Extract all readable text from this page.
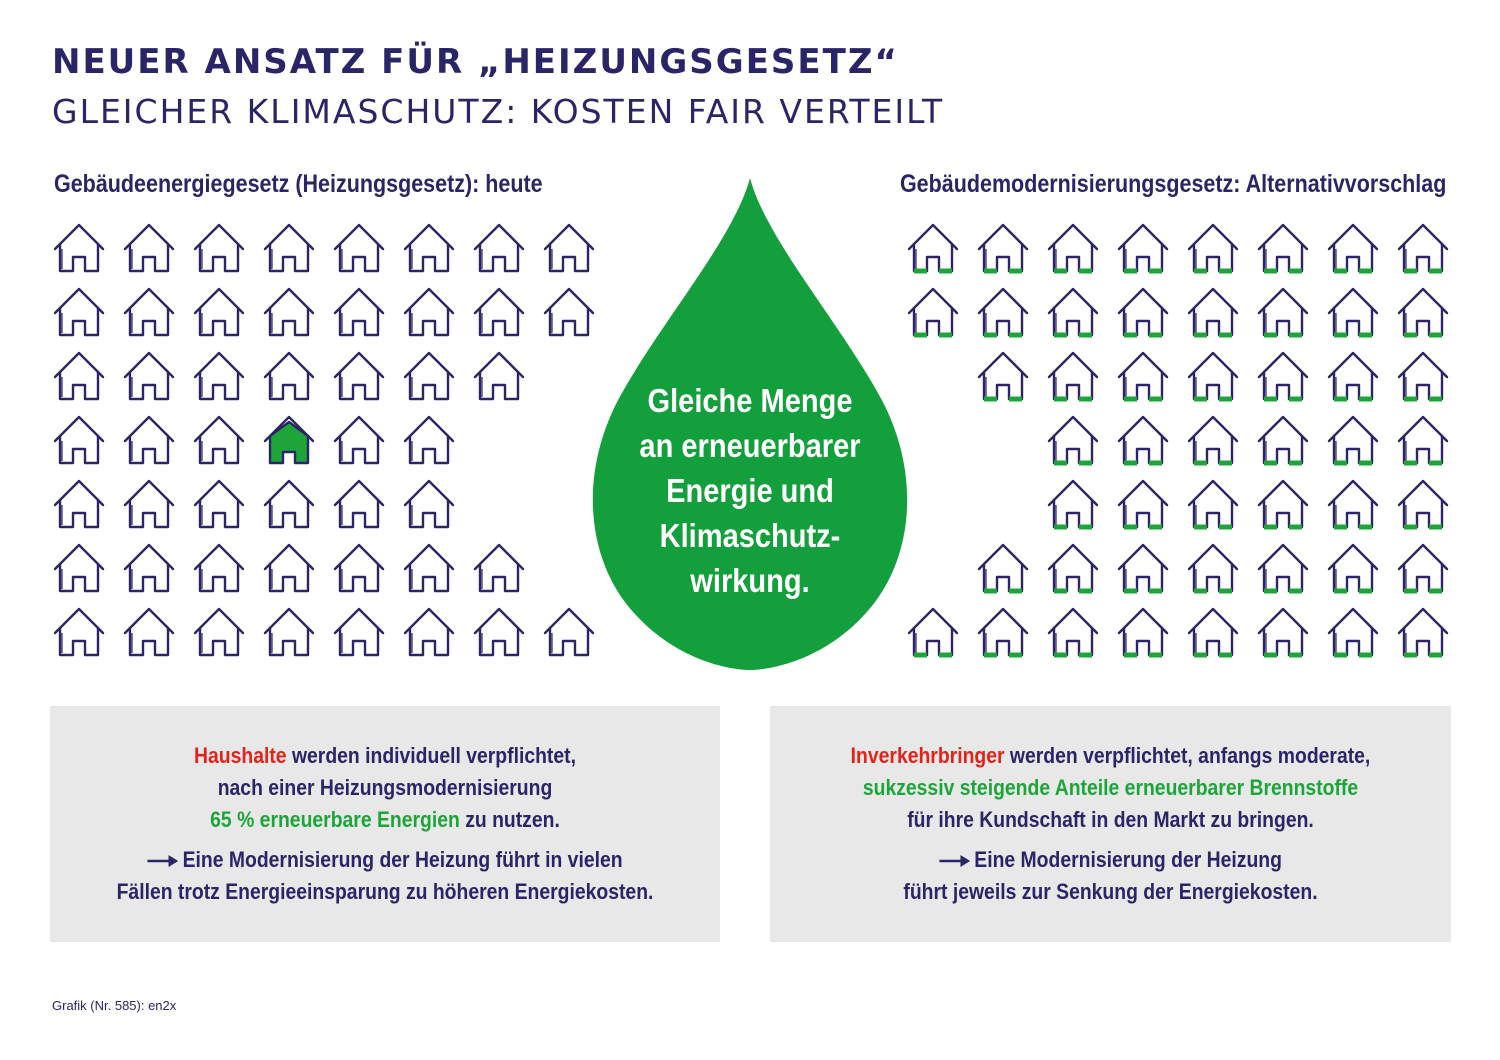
NEUER ANSATZ FÜR „HEIZUNGSGESETZ“
GLEICHER KLIMASCHUTZ: KOSTEN FAIR VERTEILT
Gebäudeenergiegesetz (Heizungsgesetz): heute	Gebäudemodernisierungsgesetz: Alternativvorschlag
Gleiche Menge
an erneuerbarer
Energie und
Klimaschutz-
wirkung.
Haushalte werden individuell verpflichtet,
nach einer Heizungsmodernisierung
65 % erneuerbare Energien zu nutzen.
Eine Modernisierung der Heizung führt in vielen
Fällen trotz Energieeinsparung zu höheren Energiekosten.
Inverkehrbringer werden verpflichtet, anfangs moderate,
sukzessiv steigende Anteile erneuerbarer Brennstoffe
für ihre Kundschaft in den Markt zu bringen.
Eine Modernisierung der Heizung
führt jeweils zur Senkung der Energiekosten.
Grafik (Nr. 585): en2x
